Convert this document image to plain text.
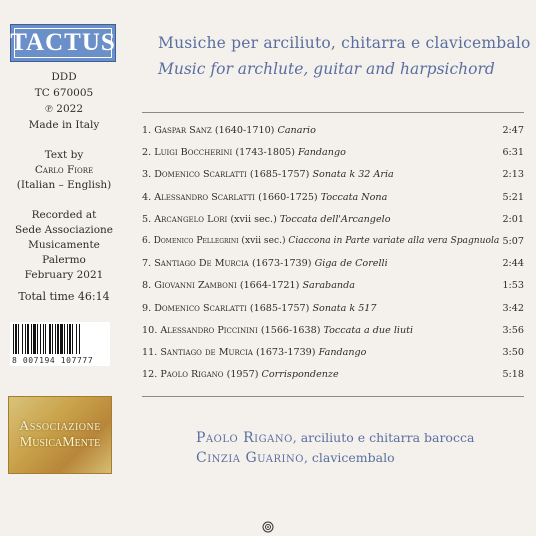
TACTUS
DDD
TC 670005
℗ 2022
Made in Italy
Text by
Carlo Fiore
(Italian – English)
Recorded at
Sede Associazione
Musicamente
Palermo
February 2021
Total time 46:14
8 007194 107777
Associazione
MusicaMente
Musiche per arciliuto, chitarra e clavicembalo
Music for archlute, guitar and harpsichord
1. Gaspar Sanz (1640-1710) Canario	2:47
2. Luigi Boccherini (1743-1805) Fandango	6:31
3. Domenico Scarlatti (1685-1757) Sonata k 32 Aria	2:13
4. Alessandro Scarlatti (1660-1725) Toccata Nona	5:21
5. Arcangelo Lori (xvii sec.) Toccata dell'Arcangelo	2:01
6. Domenico Pellegrini (xvii sec.) Ciaccona in Parte variate alla vera Spagnuola 5:07
7. Santiago De Murcia (1673-1739) Giga de Corelli	2:44
8. Giovanni Zamboni (1664-1721) Sarabanda	1:53
9. Domenico Scarlatti (1685-1757) Sonata k 517	3:42
10. Alessandro Piccinini (1566-1638) Toccata a due liuti	3:56
11. Santiago de Murcia (1673-1739) Fandango	3:50
12. Paolo Rigano (1957) Corrispondenze	5:18
Paolo Rigano, arciliuto e chitarra barocca
Cinzia Guarino, clavicembalo
